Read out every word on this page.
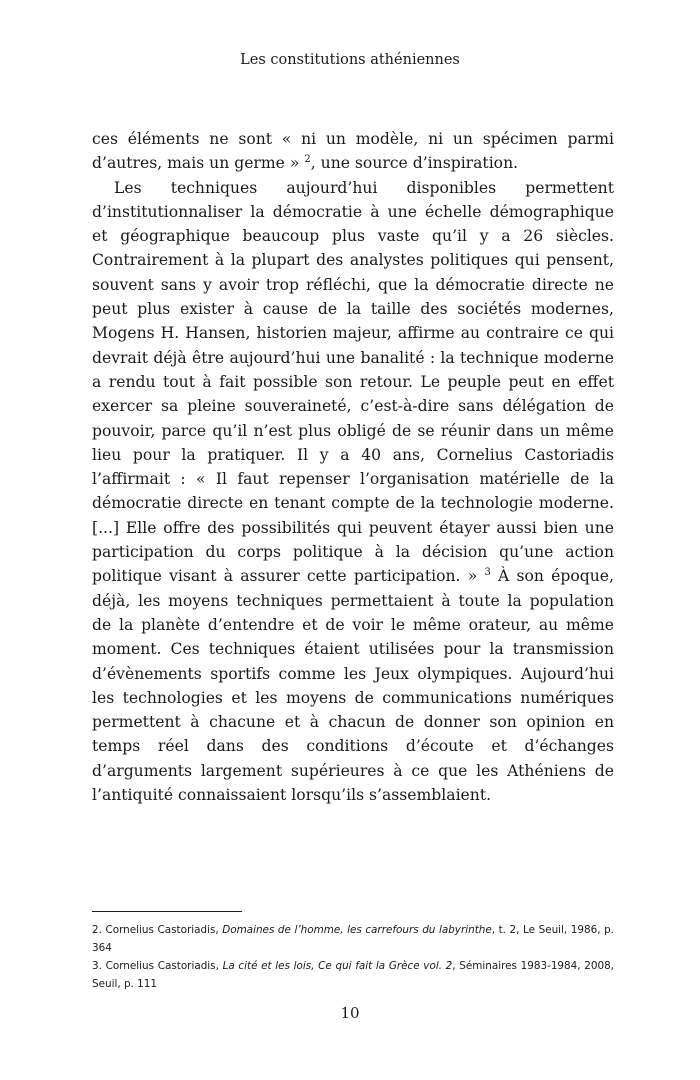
Les constitutions athéniennes

ces éléments ne sont « ni un modèle, ni un spécimen parmi d’autres, mais un germe » $^2$, une source d’inspiration.

Les techniques aujourd’hui disponibles permettent d’institutionnaliser la démocratie à une échelle démographique et géographique beaucoup plus vaste qu’il y a 26 siècles. Contrairement à la plupart des analystes politiques qui pensent, souvent sans y avoir trop réfléchi, que la démocratie directe ne peut plus exister à cause de la taille des sociétés modernes, Mogens H. Hansen, historien majeur, affirme au contraire ce qui devrait déjà être aujourd’hui une banalité : la technique moderne a rendu tout à fait possible son retour. Le peuple peut en effet exercer sa pleine souveraineté, c’est-à-dire sans délégation de pouvoir, parce qu’il n’est plus obligé de se réunir dans un même lieu pour la pratiquer. Il y a 40 ans, Cornelius Castoriadis l’affirmait : « Il faut repenser l’organisation matérielle de la démocratie directe en tenant compte de la technologie moderne. [...] Elle offre des possibilités qui peuvent étayer aussi bien une participation du corps politique à la décision qu’une action politique visant à assurer cette participation. » $^3$ À son époque, déjà, les moyens techniques permettaient à toute la population de la planète d’entendre et de voir le même orateur, au même moment. Ces techniques étaient utilisées pour la transmission d’évènements sportifs comme les Jeux olympiques. Aujourd’hui les technologies et les moyens de communications numériques permettent à chacune et à chacun de donner son opinion en temps réel dans des conditions d’écoute et d’échanges d’arguments largement supérieures à ce que les Athéniens de l’antiquité connaissaient lorsqu’ils s’assemblaient.

2. Cornelius Castoriadis, Domaines de l’homme, les carrefours du labyrinthe, t. 2, Le Seuil, 1986, p. 364

3. Cornelius Castoriadis, La cité et les lois, Ce qui fait la Grèce vol. 2, Séminaires 1983-1984, 2008, Seuil, p. 111

10
